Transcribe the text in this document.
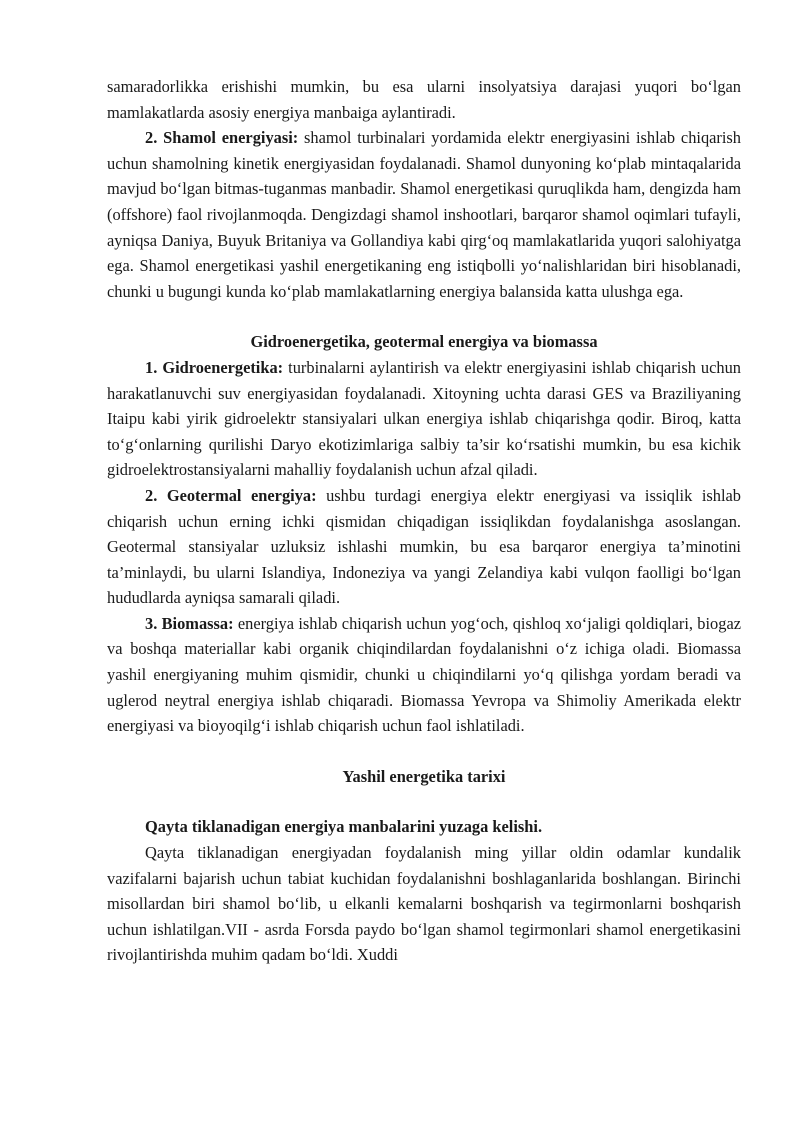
samaradorlikka erishishi mumkin, bu esa ularni insolyatsiya darajasi yuqori bo‘lgan mamlakatlarda asosiy energiya manbaiga aylantiradi.

2. Shamol energiyasi: shamol turbinalari yordamida elektr energiyasini ishlab chiqarish uchun shamolning kinetik energiyasidan foydalanadi. Shamol dunyoning ko‘plab mintaqalarida mavjud bo‘lgan bitmas-tuganmas manbadir. Shamol energetikasi quruqlikda ham, dengizda ham (offshore) faol rivojlanmoqda. Dengizdagi shamol inshootlari, barqaror shamol oqimlari tufayli, ayniqsa Daniya, Buyuk Britaniya va Gollandiya kabi qirg‘oq mamlakatlarida yuqori salohiyatga ega. Shamol energetikasi yashil energetikaning eng istiqbolli yo‘nalishlaridan biri hisoblanadi, chunki u bugungi kunda ko‘plab mamlakatlarning energiya balansida katta ulushga ega.

Gidroenergetika, geotermal energiya va biomassa

1. Gidroenergetika: turbinalarni aylantirish va elektr energiyasini ishlab chiqarish uchun harakatlanuvchi suv energiyasidan foydalanadi. Xitoyning uchta darasi GES va Braziliyaning Itaipu kabi yirik gidroelektr stansiyalari ulkan energiya ishlab chiqarishga qodir. Biroq, katta to‘g‘onlarning qurilishi Daryo ekotizimlariga salbiy ta’sir ko‘rsatishi mumkin, bu esa kichik gidroelektrostansiyalarni mahalliy foydalanish uchun afzal qiladi.

2. Geotermal energiya: ushbu turdagi energiya elektr energiyasi va issiqlik ishlab chiqarish uchun erning ichki qismidan chiqadigan issiqlikdan foydalanishga asoslangan. Geotermal stansiyalar uzluksiz ishlashi mumkin, bu esa barqaror energiya ta’minotini ta’minlaydi, bu ularni Islandiya, Indoneziya va yangi Zelandiya kabi vulqon faolligi bo‘lgan hududlarda ayniqsa samarali qiladi.

3. Biomassa: energiya ishlab chiqarish uchun yog‘och, qishloq xo‘jaligi qoldiqlari, biogaz va boshqa materiallar kabi organik chiqindilardan foydalanishni o‘z ichiga oladi. Biomassa yashil energiyaning muhim qismidir, chunki u chiqindilarni yo‘q qilishga yordam beradi va uglerod neytral energiya ishlab chiqaradi. Biomassa Yevropa va Shimoliy Amerikada elektr energiyasi va bioyoqilg‘i ishlab chiqarish uchun faol ishlatiladi.

Yashil energetika tarixi

Qayta tiklanadigan energiya manbalarini yuzaga kelishi.

Qayta tiklanadigan energiyadan foydalanish ming yillar oldin odamlar kundalik vazifalarni bajarish uchun tabiat kuchidan foydalanishni boshlaganlarida boshlangan. Birinchi misollardan biri shamol bo‘lib, u elkanli kemalarni boshqarish va tegirmonlarni boshqarish uchun ishlatilgan.VII - asrda Forsda paydo bo‘lgan shamol tegirmonlari shamol energetikasini rivojlantirishda muhim qadam bo‘ldi. Xuddi
